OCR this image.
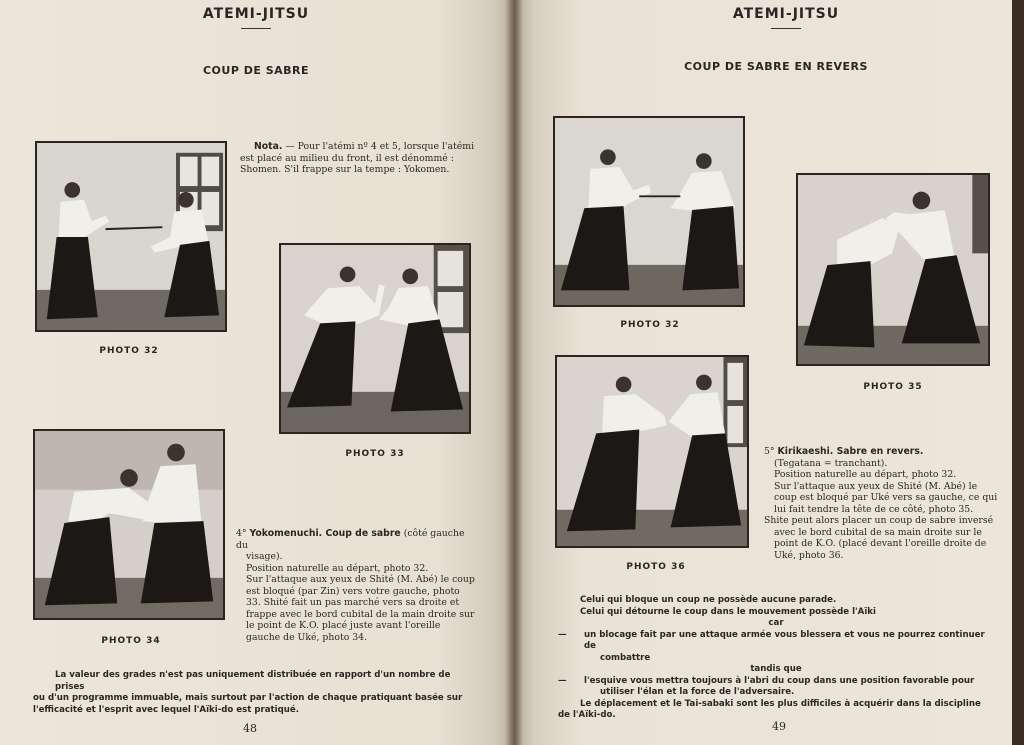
ATEMI-JITSU
COUP DE SABRE
PHOTO 32
Nota. — Pour l'atémi nº 4 et 5, lorsque l'atémi
est placé au milieu du front, il est dénommé :
Shomen. S'il frappe sur la tempe : Yokomen.
PHOTO 33
PHOTO 34
4° Yokomenuchi. Coup de sabre (côté gauche du
visage).
Position naturelle au départ, photo 32.
Sur l'attaque aux yeux de Shité (M. Abé) le coup
est bloqué (par Zin) vers votre gauche, photo
33. Shité fait un pas marché vers sa droite et
frappe avec le bord cubital de la main droite sur
le point de K.O. placé juste avant l'oreille
gauche de Uké, photo 34.
La valeur des grades n'est pas uniquement distribuée en rapport d'un nombre de prises
ou d'un programme immuable, mais surtout par l'action de chaque pratiquant basée sur
l'efficacité et l'esprit avec lequel l'Aïki-do est pratiqué.
48
ATEMI-JITSU
COUP DE SABRE EN REVERS
PHOTO 32
PHOTO 35
PHOTO 36
5° Kirikaeshi. Sabre en revers.
(Tegatana = tranchant).
Position naturelle au départ, photo 32.
Sur l'attaque aux yeux de Shité (M. Abé) le
coup est bloqué par Uké vers sa gauche, ce qui
lui fait tendre la tête de ce côté, photo 35.
Shite peut alors placer un coup de sabre inversé
avec le bord cubital de sa main droite sur le
point de K.O. (placé devant l'oreille droite de
Uké, photo 36.
Celui qui bloque un coup ne possède aucune parade.
Celui qui détourne le coup dans le mouvement possède l'Aïki
car
—	un blocage fait par une attaque armée vous blessera et vous ne pourrez continuer de
combattre
tandis que
—	l'esquive vous mettra toujours à l'abri du coup dans une position favorable pour
utiliser l'élan et la force de l'adversaire.
Le déplacement et le Tai-sabaki sont les plus difficiles à acquérir dans la discipline
de l'Aïki-do.
49
